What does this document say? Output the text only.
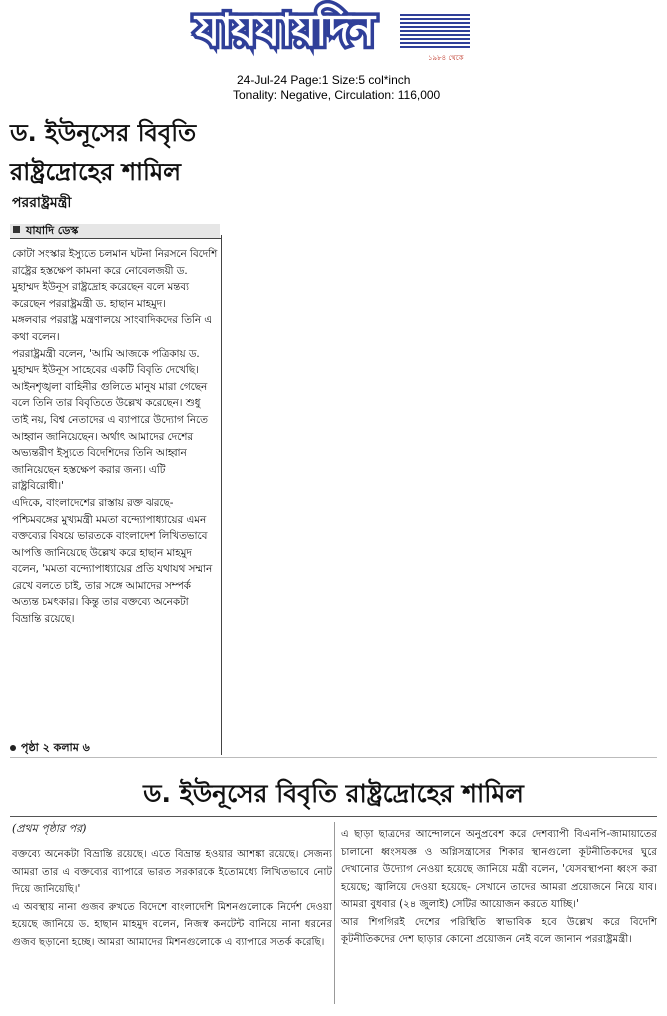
যায়যায়দিন
১৯৮৪ থেকে
24-Jul-24 Page:1 Size:5 col*inch
Tonality: Negative, Circulation: 116,000
ড. ইউনূসের বিবৃতি
রাষ্ট্রদ্রোহের শামিল
পররাষ্ট্রমন্ত্রী
যাযাদি ডেস্ক

কোটা সংস্কার ইস্যুতে চলমান ঘটনা নিরসনে বিদেশি রাষ্ট্রের হস্তক্ষেপ কামনা করে নোবেলজয়ী ড. মুহাম্মদ ইউনূস রাষ্ট্রদ্রোহ করেছেন বলে মন্তব্য করেছেন পররাষ্ট্রমন্ত্রী ড. হাছান মাহমুদ।

মঙ্গলবার পররাষ্ট্র মন্ত্রণালয়ে সাংবাদিকদের তিনি এ কথা বলেন।

পররাষ্ট্রমন্ত্রী বলেন, 'আমি আজকে পত্রিকায় ড. মুহাম্মদ ইউনূস সাহেবের একটি বিবৃতি দেখেছি। আইনশৃঙ্খলা বাহিনীর গুলিতে মানুষ মারা গেছেন বলে তিনি তার বিবৃতিতে উল্লেখ করেছেন। শুধু তাই নয়, বিশ্ব নেতাদের এ ব্যাপারে উদ্যোগ নিতে আহ্বান জানিয়েছেন। অর্থাৎ আমাদের দেশের অভ্যন্তরীণ ইস্যুতে বিদেশিদের তিনি আহ্বান জানিয়েছেন হস্তক্ষেপ করার জন্য। এটি রাষ্ট্রবিরোধী।'

এদিকে, বাংলাদেশের রাস্তায় রক্ত ঝরছে-পশ্চিমবঙ্গের মুখ্যমন্ত্রী মমতা বন্দ্যোপাধ্যায়ের এমন বক্তব্যের বিষয়ে ভারতকে বাংলাদেশ লিখিতভাবে আপত্তি জানিয়েছে উল্লেখ করে হাছান মাহমুদ বলেন, 'মমতা বন্দ্যোপাধ্যায়ের প্রতি যথাযথ সম্মান রেখে বলতে চাই, তার সঙ্গে আমাদের সম্পর্ক অত্যন্ত চমৎকার। কিন্তু তার বক্তব্যে অনেকটা বিভ্রান্তি রয়েছে।

পৃষ্ঠা ২ কলাম ৬
ড. ইউনূসের বিবৃতি রাষ্ট্রদ্রোহের শামিল
(প্রথম পৃষ্ঠার পর)

বক্তব্যে অনেকটা বিভ্রান্তি রয়েছে। এতে বিভ্রান্ত হওয়ার আশঙ্কা রয়েছে। সেজন্য আমরা তার এ বক্তব্যের ব্যাপারে ভারত সরকারকে ইতোমধ্যে লিখিতভাবে নোট দিয়ে জানিয়েছি।'

এ অবস্থায় নানা গুজব রুখতে বিদেশে বাংলাদেশি মিশনগুলোকে নির্দেশ দেওয়া হয়েছে জানিয়ে ড. হাছান মাহমুদ বলেন, নিজস্ব কনটেন্ট বানিয়ে নানা ধরনের গুজব ছড়ানো হচ্ছে। আমরা আমাদের মিশনগুলোকে এ ব্যাপারে সতর্ক করেছি।

এ ছাড়া ছাত্রদের আন্দোলনে অনুপ্রবেশ করে দেশব্যাপী বিএনপি-জামায়াতের চালানো ধ্বংসযজ্ঞ ও অগ্নিসন্ত্রাসের শিকার স্থানগুলো কূটনীতিকদের ঘুরে দেখানোর উদ্যোগ নেওয়া হয়েছে জানিয়ে মন্ত্রী বলেন, 'যেসবস্থাপনা ধ্বংস করা হয়েছে; জ্বালিয়ে দেওয়া হয়েছে- সেখানে তাদের আমরা প্রয়োজনে নিয়ে যাব। আমরা বুধবার (২৪ জুলাই) সেটির আয়োজন করতে যাচ্ছি।'

আর শিগগিরই দেশের পরিস্থিতি স্বাভাবিক হবে উল্লেখ করে বিদেশি কূটনীতিকদের দেশ ছাড়ার কোনো প্রয়োজন নেই বলে জানান পররাষ্ট্রমন্ত্রী।
